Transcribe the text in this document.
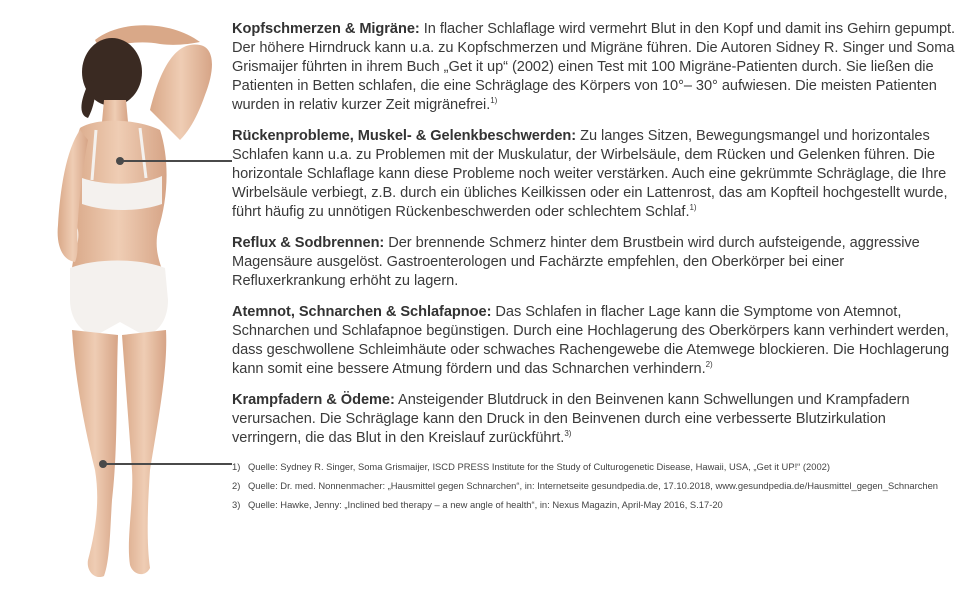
Kopfschmerzen & Migräne: In flacher Schlaflage wird vermehrt Blut in den Kopf und damit ins Gehirn gepumpt. Der höhere Hirndruck kann u.a. zu Kopfschmerzen und Migräne führen. Die Autoren Sidney R. Singer und Soma Grismaijer führten in ihrem Buch „Get it up“ (2002) einen Test mit 100 Migräne-Patienten durch. Sie ließen die Patienten in Betten schlafen, die eine Schräglage des Körpers von 10°– 30° aufwiesen. Die meisten Patienten wurden in relativ kurzer Zeit migränefrei.$^{1)}$

Rückenprobleme, Muskel- & Gelenkbeschwerden: Zu langes Sitzen, Bewegungsmangel und horizontales Schlafen kann u.a. zu Problemen mit der Muskulatur, der Wirbelsäule, dem Rücken und Gelenken führen. Die horizontale Schlaflage kann diese Probleme noch weiter verstärken. Auch eine gekrümmte Schräglage, die Ihre Wirbelsäule verbiegt, z.B. durch ein übliches Keilkissen oder ein Lattenrost, das am Kopfteil hochgestellt wurde, führt häufig zu unnötigen Rückenbeschwerden oder schlechtem Schlaf.$^{1)}$

Reflux & Sodbrennen: Der brennende Schmerz hinter dem Brustbein wird durch aufsteigende, aggressive Magensäure ausgelöst. Gastroenterologen und Fachärzte empfehlen, den Oberkörper bei einer Refluxerkrankung erhöht zu lagern.

Atemnot, Schnarchen & Schlafapnoe: Das Schlafen in flacher Lage kann die Symptome von Atemnot, Schnarchen und Schlafapnoe begünstigen. Durch eine Hochlagerung des Oberkörpers kann verhindert werden, dass geschwollene Schleimhäute oder schwaches Rachengewebe die Atemwege blockieren. Die Hochlagerung kann somit eine bessere Atmung fördern und das Schnarchen verhindern.$^{2)}$

Krampfadern & Ödeme: Ansteigender Blutdruck in den Beinvenen kann Schwellungen und Krampfadern verursachen. Die Schräglage kann den Druck in den Beinvenen durch eine verbesserte Blutzirkulation verringern, die das Blut in den Kreislauf zurückführt.$^{3)}$

1) Quelle: Sydney R. Singer, Soma Grismaijer, ISCD PRESS Institute for the Study of Culturogenetic Disease, Hawaii, USA, „Get it UP!“ (2002)
2) Quelle: Dr. med. Nonnenmacher: „Hausmittel gegen Schnarchen“, in: Internetseite gesundpedia.de, 17.10.2018, www.gesundpedia.de/Hausmittel_gegen_Schnarchen
3) Quelle: Hawke, Jenny: „Inclined bed therapy – a new angle of health“, in: Nexus Magazin, April-May 2016, S.17-20
